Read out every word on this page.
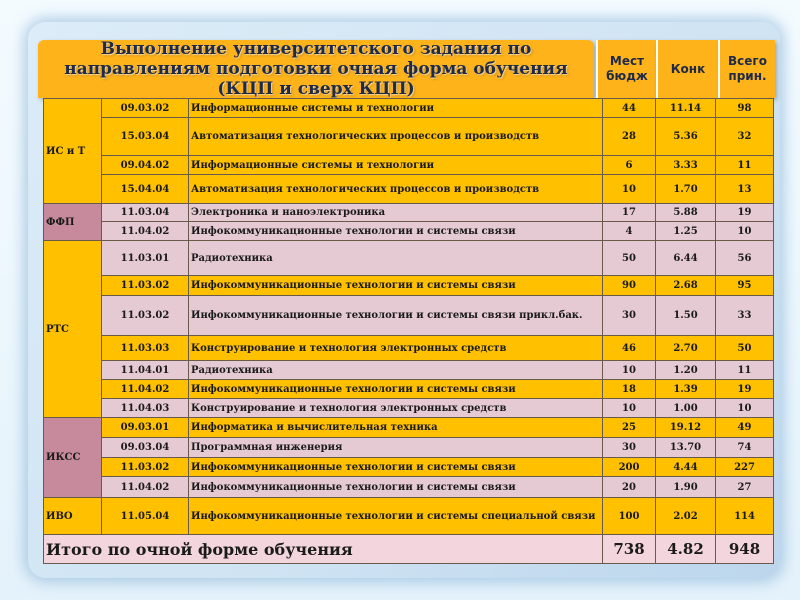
Выполнение университетского задания по направлениям подготовки очная форма обучения (КЦП и сверх КЦП)
Мест бюдж
Конк
Всего прин.
ИС и Т	09.03.02	Информационные системы и технологии	44	11.14	98
	15.03.04	Автоматизация технологических процессов и производств	28	5.36	32
	09.04.02	Информационные системы и технологии	6	3.33	11
	15.04.04	Автоматизация технологических процессов и производств	10	1.70	13
ФФП	11.03.04	Электроника и наноэлектроника	17	5.88	19
	11.04.02	Инфокоммуникационные технологии и системы связи	4	1.25	10
РТС	11.03.01	Радиотехника	50	6.44	56
	11.03.02	Инфокоммуникационные технологии и системы связи	90	2.68	95
	11.03.02	Инфокоммуникационные технологии и системы связи прикл.бак.	30	1.50	33
	11.03.03	Конструирование и технология электронных средств	46	2.70	50
	11.04.01	Радиотехника	10	1.20	11
	11.04.02	Инфокоммуникационные технологии и системы связи	18	1.39	19
	11.04.03	Конструирование и технология электронных средств	10	1.00	10
ИКСС	09.03.01	Информатика и вычислительная техника	25	19.12	49
	09.03.04	Программная инженерия	30	13.70	74
	11.03.02	Инфокоммуникационные технологии и системы связи	200	4.44	227
	11.04.02	Инфокоммуникационные технологии и системы связи	20	1.90	27
ИВО	11.05.04	Инфокоммуникационные технологии и системы специальной связи	100	2.02	114
Итого по очной форме обучения			738	4.82	948
